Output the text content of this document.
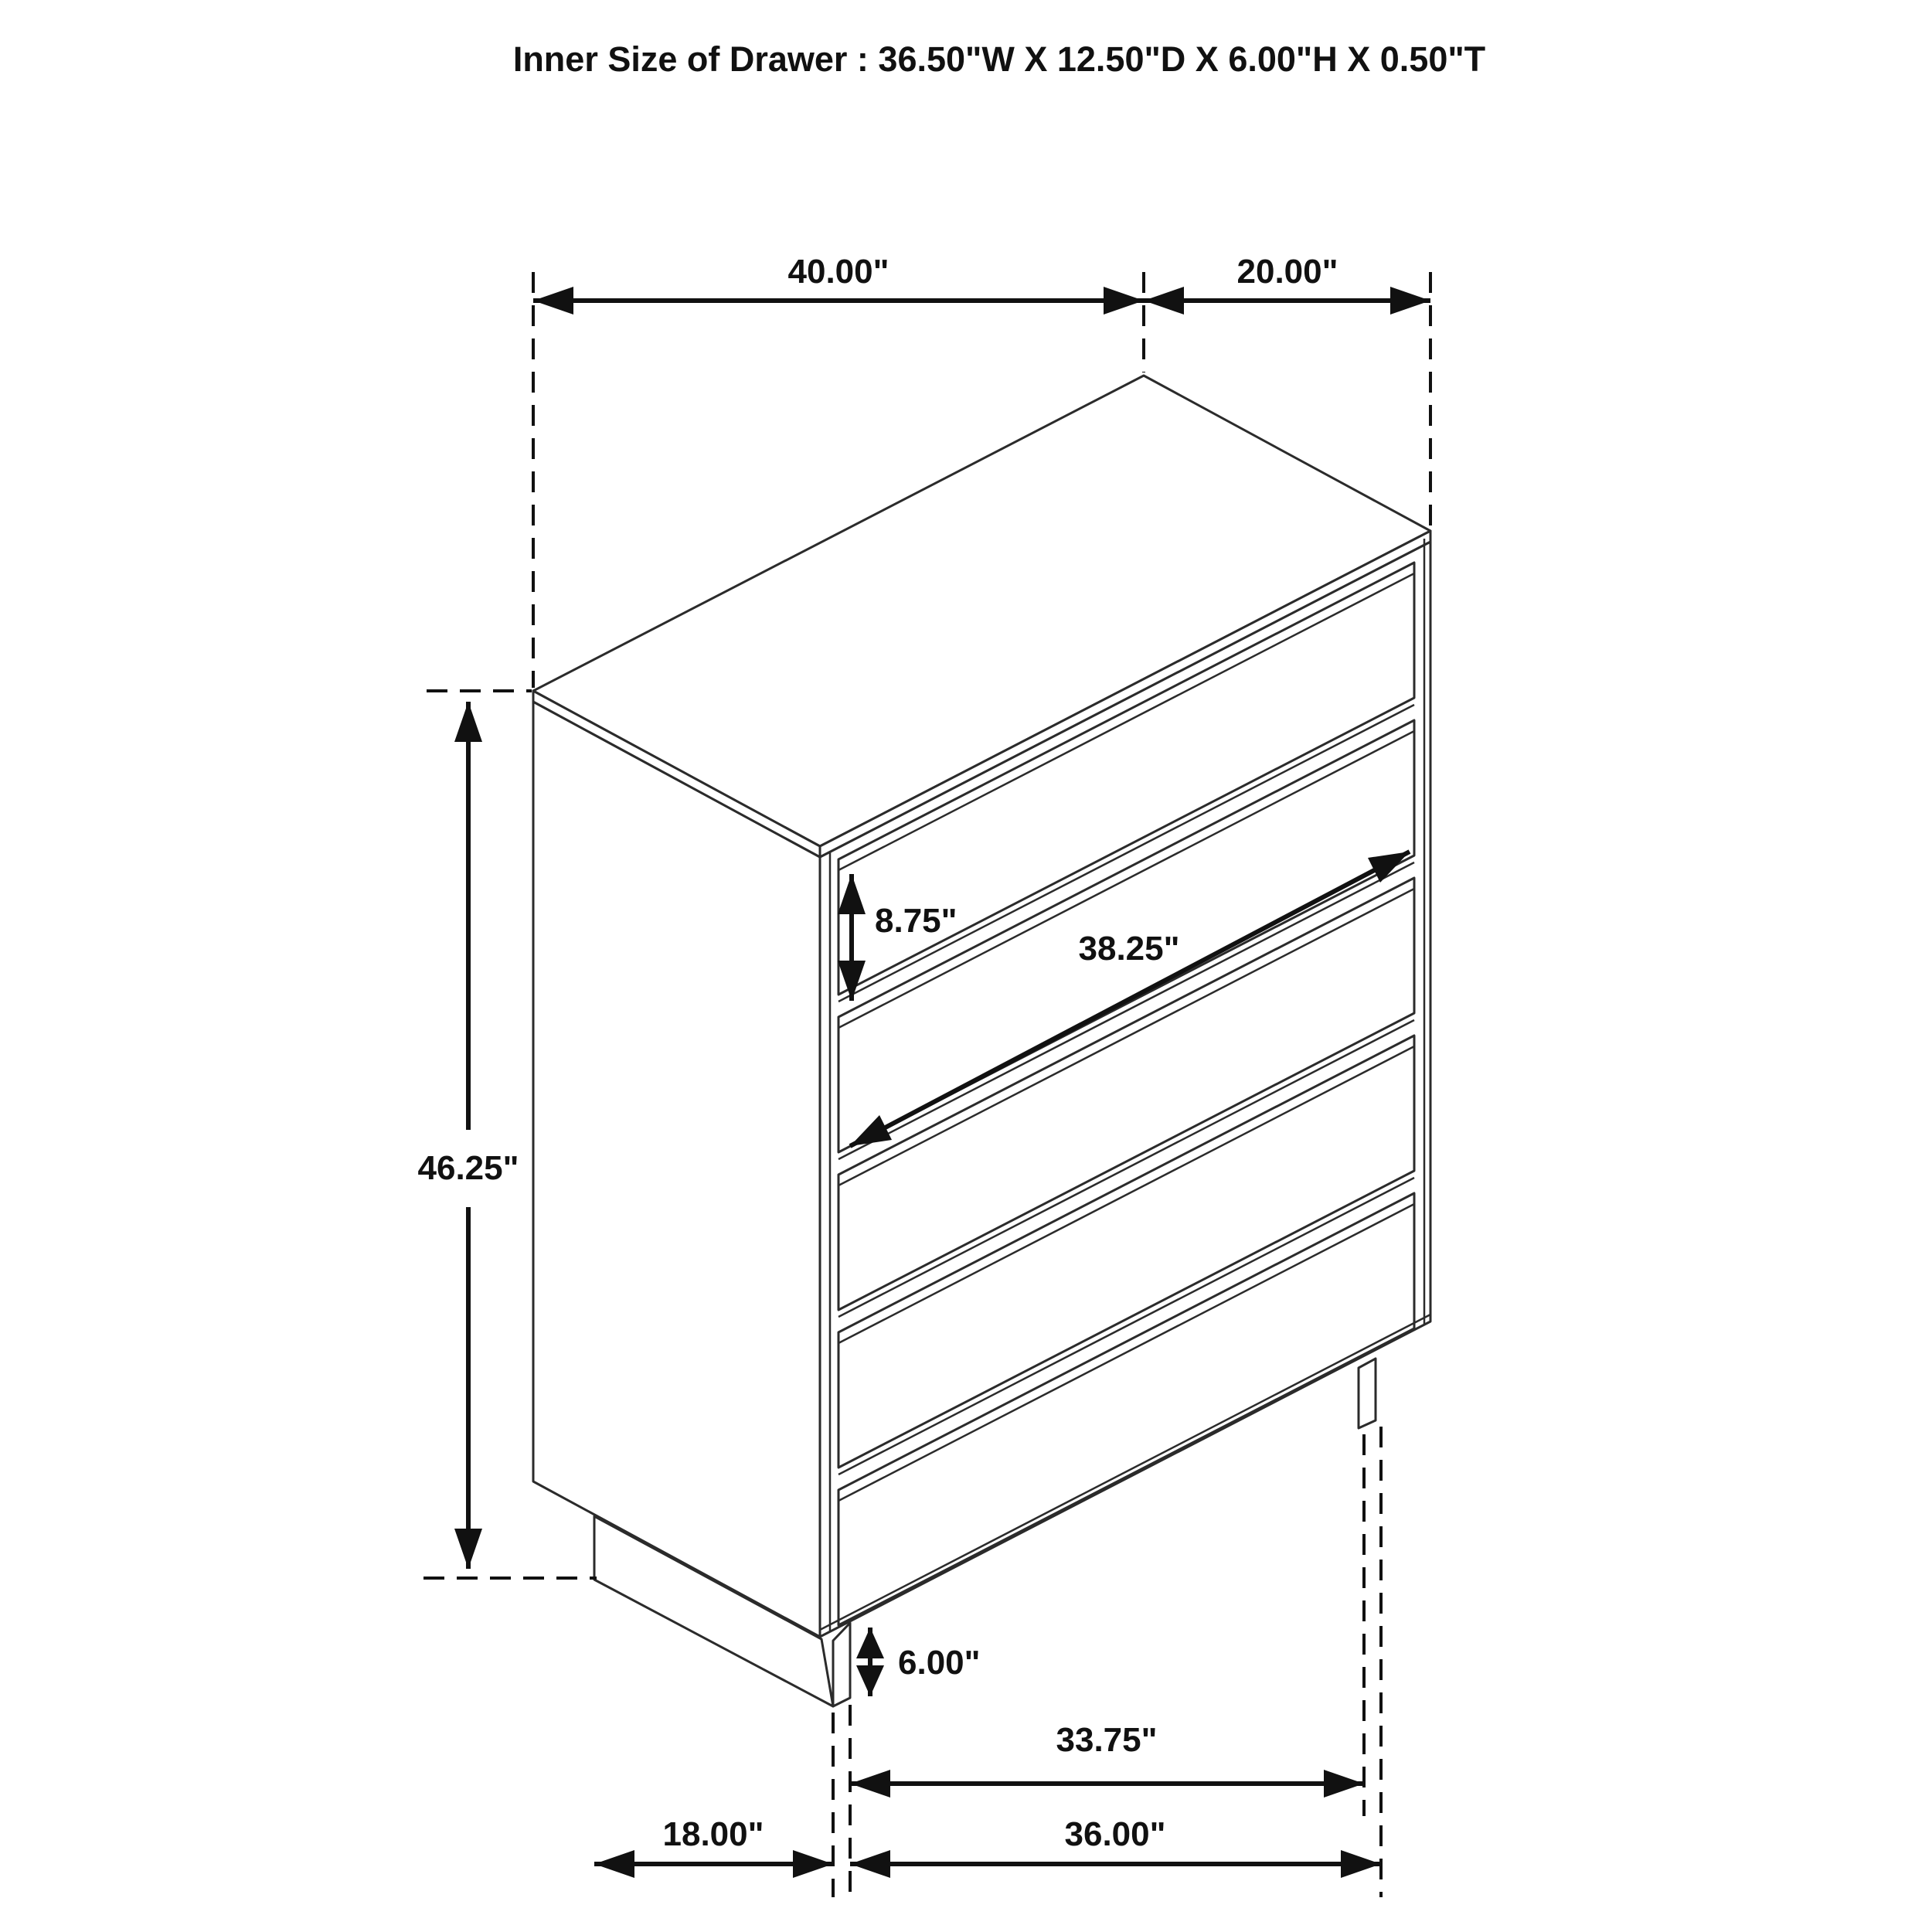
Inner Size of Drawer : 36.50"W X 12.50"D X 6.00"H X 0.50"T
40.00"	20.00"
46.25"
8.75"
38.25"
6.00"
33.75"
36.00"
18.00"
